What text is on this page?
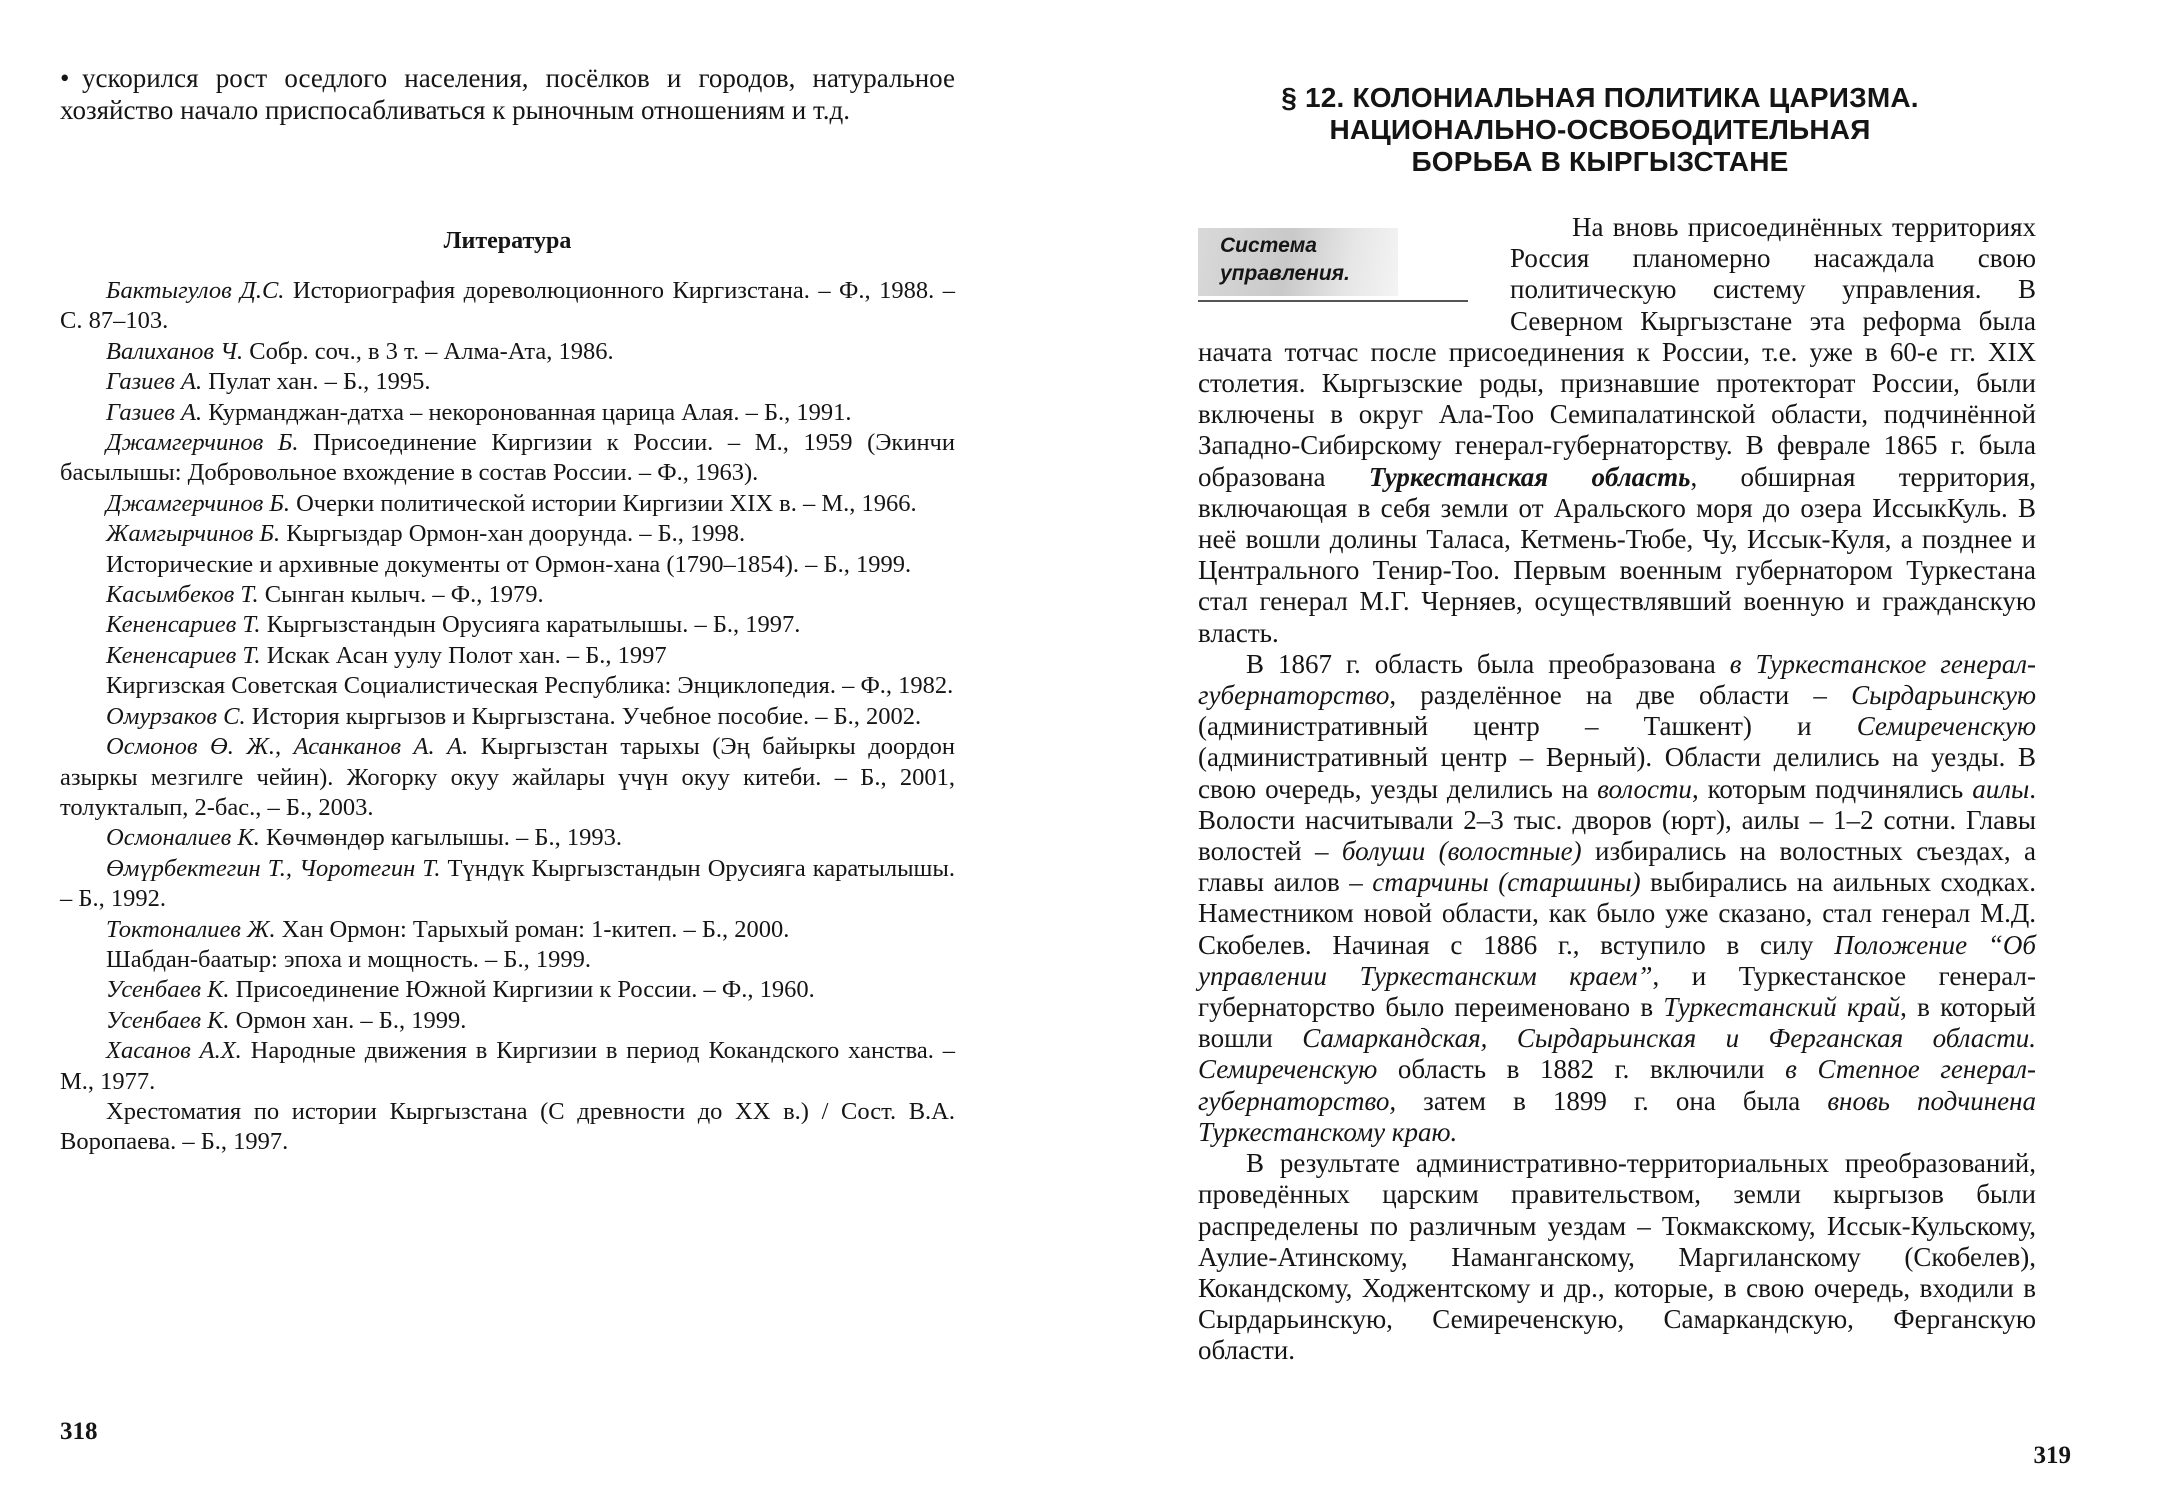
• ускорился рост оседлого населения, посёлков и городов, натуральное хозяйство начало приспосабливаться к рыночным отношениям и т.д.
Литература

Бактыгулов Д.С. Историография дореволюционного Киргизстана. – Ф., 1988. – С. 87–103.

Валиханов Ч. Собр. соч., в 3 т. – Алма-Ата, 1986.

Газиев А. Пулат хан. – Б., 1995.

Газиев А. Курманджан-датха – некоронованная царица Алая. – Б., 1991.

Джамгерчинов Б. Присоединение Киргизии к России. – М., 1959 (Экинчи басылышы: Добровольное вхождение в состав России. – Ф., 1963).

Джамгерчинов Б. Очерки политической истории Киргизии XIX в. – М., 1966.

Жамгырчинов Б. Кыргыздар Ормон-хан доорунда. – Б., 1998.

Исторические и архивные документы от Ормон-хана (1790–1854). – Б., 1999.

Касымбеков Т. Сынган кылыч. – Ф., 1979.

Кененсариев Т. Кыргызстандын Орусияга каратылышы. – Б., 1997.

Кененсариев Т. Искак Асан уулу Полот хан. – Б., 1997

Киргизская Советская Социалистическая Республика: Энциклопедия. – Ф., 1982.

Омурзаков С. История кыргызов и Кыргызстана. Учебное пособие. – Б., 2002.

Осмонов Ө. Ж., Асанканов А. А. Кыргызстан тарыхы (Эң байыркы доордон азыркы мезгилге чейин). Жогорку окуу жайлары үчүн окуу китеби. – Б., 2001, толукталып, 2-бас., – Б., 2003.

Осмоналиев К. Көчмөндөр кагылышы. – Б., 1993.

Өмүрбектегин Т., Чоротегин Т. Түндүк Кыргызстандын Орусияга каратылышы. – Б., 1992.

Токтоналиев Ж. Хан Ормон: Тарыхый роман: 1-китеп. – Б., 2000.

Шабдан-баатыр: эпоха и мощность. – Б., 1999.

Усенбаев К. Присоединение Южной Киргизии к России. – Ф., 1960.

Усенбаев К. Ормон хан. – Б., 1999.

Хасанов А.Х. Народные движения в Киргизии в период Кокандского ханства. – М., 1977.

Хрестоматия по истории Кыргызстана (С древности до XX в.) / Сост. В.А. Воропаева. – Б., 1997.

318
§ 12. КОЛОНИАЛЬНАЯ ПОЛИТИКА ЦАРИЗМА.
НАЦИОНАЛЬНО-ОСВОБОДИТЕЛЬНАЯ
БОРЬБА В КЫРГЫЗСТАНЕ

На вновь присоединённых территориях Россия планомерно насаждала свою политическую систему управления. В Северном Кыргызстане эта реформа была начата тотчас после присоединения к России, т.е. уже в 60-е гг. XIX столетия. Кыргызские роды, признавшие протекторат России, были включены в округ Ала-Тоо Семипалатинской области, подчинённой Западно-Сибирскому генерал-губернаторству. В феврале 1865 г. была образована Туркестанская область, обширная территория, включающая в себя земли от Аральского моря до озера ИссыкКуль. В неё вошли долины Таласа, Кетмень-Тюбе, Чу, Иссык-Куля, а позднее и Центрального Тенир-Тоо. Первым военным губернатором Туркестана стал генерал М.Г. Черняев, осуществлявший военную и гражданскую власть.

В 1867 г. область была преобразована в Туркестанское генерал-губернаторство, разделённое на две области – Сырдарьинскую (административный центр – Ташкент) и Семиреченскую (административный центр – Верный). Области делились на уезды. В свою очередь, уезды делились на волости, которым подчинялись аилы. Волости насчитывали 2–3 тыс. дворов (юрт), аилы – 1–2 сотни. Главы волостей – болуши (волостные) избирались на волостных съездах, а главы аилов – старчины (старшины) выбирались на аильных сходках. Наместником новой области, как было уже сказано, стал генерал М.Д. Скобелев. Начиная с 1886 г., вступило в силу Положение “Об управлении Туркестанским краем”, и Туркестанское генерал-губернаторство было переименовано в Туркестанский край, в который вошли Самаркандская, Сырдарьинская и Ферганская области. Семиреченскую область в 1882 г. включили в Степное генерал-губернаторство, затем в 1899 г. она была вновь подчинена Туркестанскому краю.

В результате административно-территориальных преобразований, проведённых царским правительством, земли кыргызов были распределены по различным уездам – Токмакскому, Иссык-Кульскому, Аулие-Атинскому, Наманганскому, Маргиланскому (Скобелев), Кокандскому, Ходжентскому и др., которые, в свою очередь, входили в Сырдарьинскую, Семиреченскую, Самаркандскую, Ферганскую области.

Система
управления.
319
